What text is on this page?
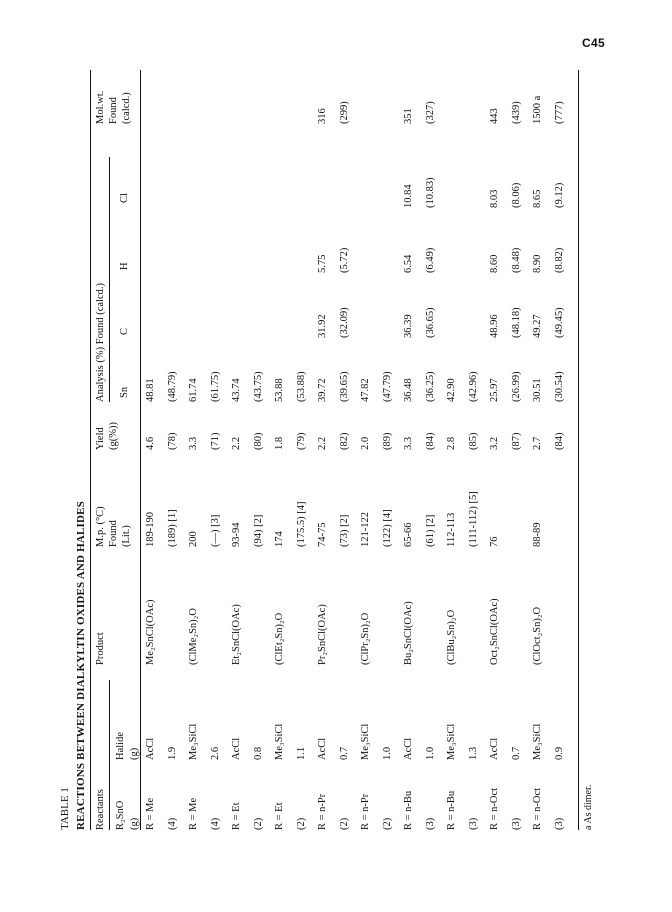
C45
TABLE 1 REACTIONS BETWEEN DIALKYLTIN OXIDES AND HALIDES Reactants R₂SnO (g)
Halide (g)
Product
M.p. (°C) Found (Lit.)
Yield (g(%))
Analysis (%) Found (calcd.) Sn
C
H
Cl
Mol.wt. Found (calcd.)
R = Me
AcCl
Me₂SnCl(OAc)
189-190
4.6
48.81
(4)
1.9
(189) [1]
(78)
(48.79)
R = Me
Me₃SiCl
(ClMe₂Sn)₂O
200
3.3
61.74
(4)
2.6
(—) [3]
(71)
(61.75)
R = Et
AcCl
Et₂SnCl(OAc)
93-94
2.2
43.74
(2)
0.8
(94) [2]
(80)
(43.75)
R = Et
Me₃SiCl
(ClEt₂Sn)₂O
174
1.8
53.88
(2)
1.1
(175.5) [4]
(79)
(53.88)
R = n-Pr
AcCl
Pr₂SnCl(OAc)
74-75
2.2
39.72
31.92
5.75
316
(2)
0.7
(73) [2]
(82)
(39.65)
(32.09)
(5.72)
(299)
R = n-Pr
Me₃SiCl
(ClPr₂Sn)₂O
121-122
2.0
47.82
(2)
1.0
(122) [4]
(89)
(47.79)
R = n-Bu
AcCl
Bu₂SnCl(OAc)
65-66
3.3
36.48
36.39
6.54
10.84
351
(3)
1.0
(61) [2]
(84)
(36.25)
(36.65)
(6.49)
(10.83)
(327)
R = n-Bu
Me₃SiCl
(ClBu₂Sn)₂O
112-113
2.8
42.90
(3)
1.3
(111-112) [5]
(85)
(42.96)
R = n-Oct
AcCl
Oct₂SnCl(OAc)
76
3.2
25.97
48.96
8.60
8.03
443
(3)
0.7
(87)
(26.99)
(48.18)
(8.48)
(8.06)
(439)
R = n-Oct
Me₃SiCl
(ClOct₂Sn)₂O
88-89
2.7
30.51
49.27
8.90
8.65
1500 a
(3)
0.9
(84)
(30.54)
(49.45)
(8.82)
(9.12)
(777)
a As dimer.
